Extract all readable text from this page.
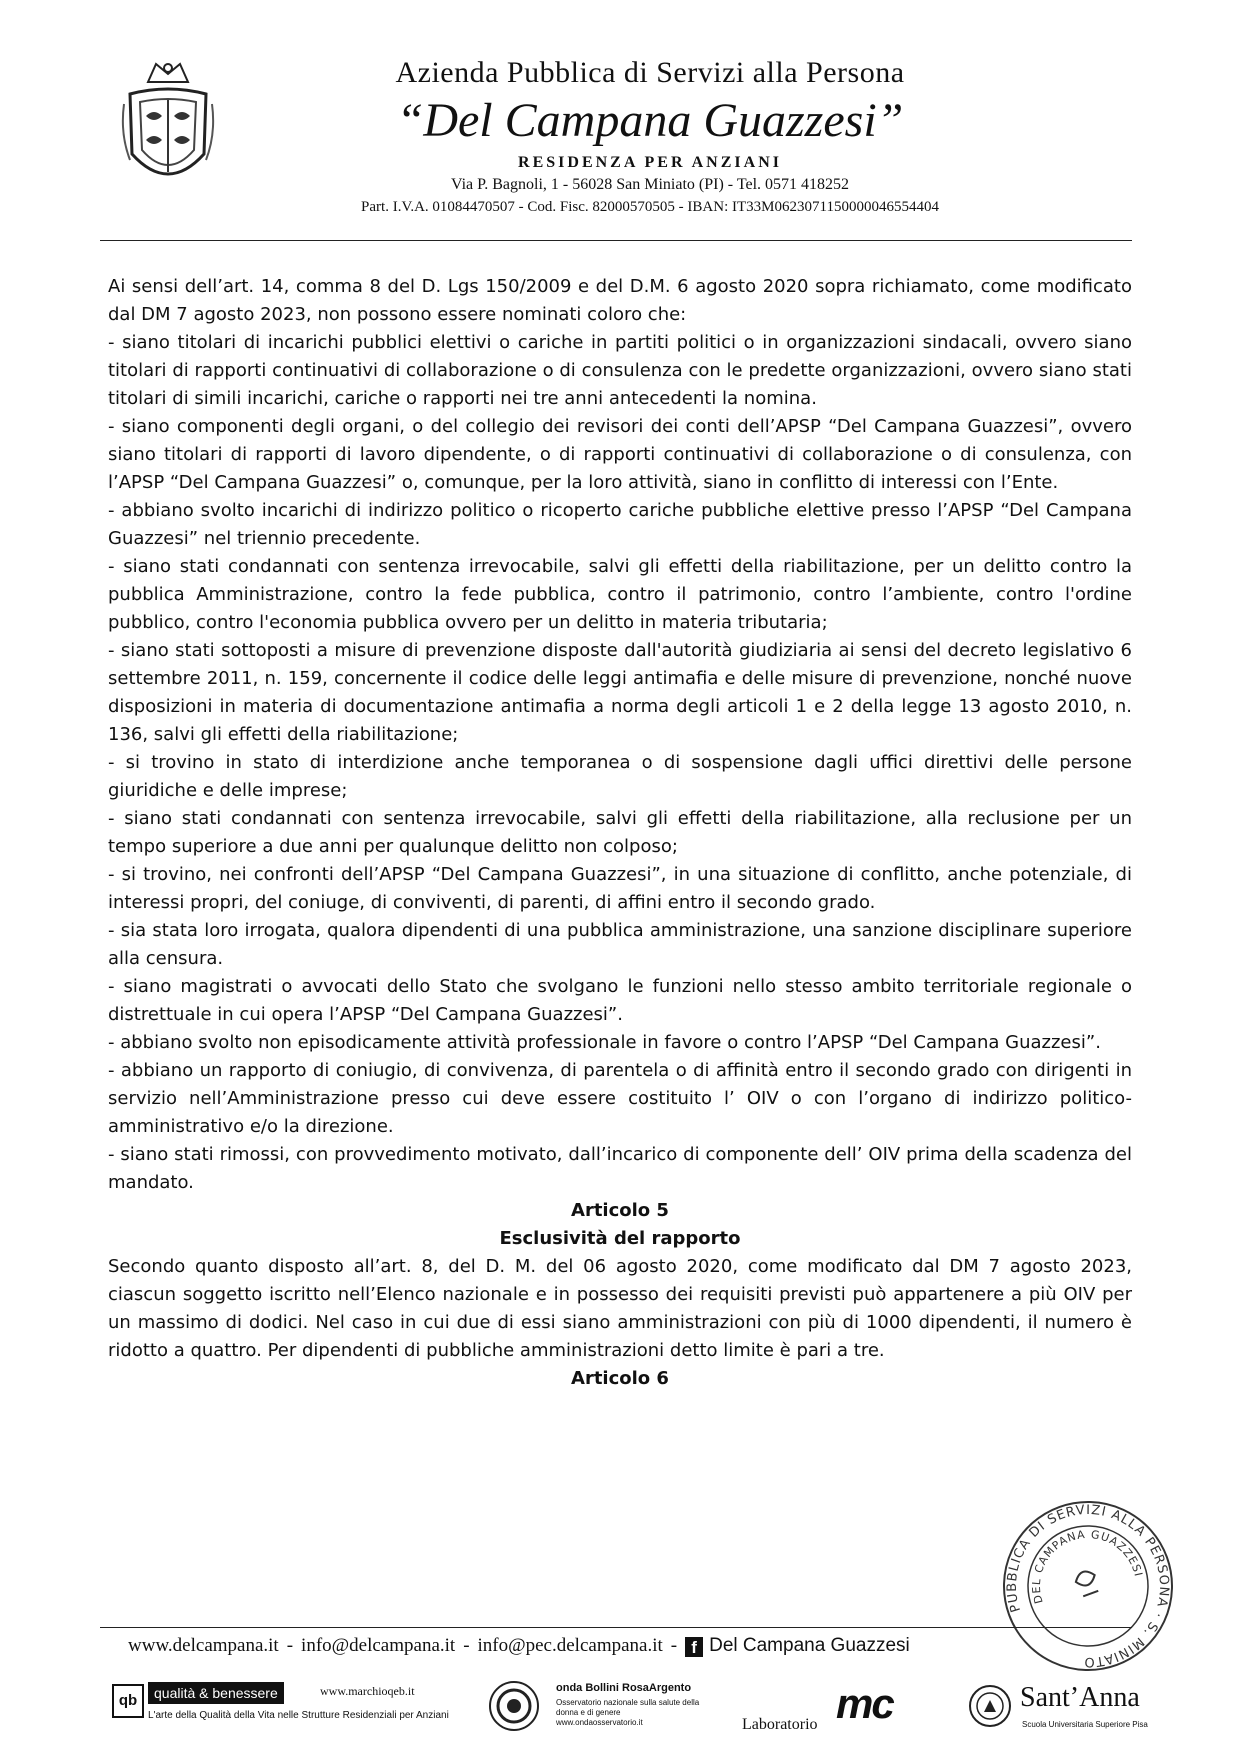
Azienda Pubblica di Servizi alla Persona
“Del Campana Guazzesi”
RESIDENZA PER ANZIANI
Via P. Bagnoli, 1 - 56028 San Miniato (PI) - Tel. 0571 418252
Part. I.V.A. 01084470507 - Cod. Fisc. 82000570505 - IBAN: IT33M0623071150000046554404

Ai sensi dell’art. 14, comma 8 del D. Lgs 150/2009 e del D.M. 6 agosto 2020 sopra richiamato, come modificato dal DM 7 agosto 2023, non possono essere nominati coloro che:

- siano titolari di incarichi pubblici elettivi o cariche in partiti politici o in organizzazioni sindacali, ovvero siano titolari di rapporti continuativi di collaborazione o di consulenza con le predette organizzazioni, ovvero siano stati titolari di simili incarichi, cariche o rapporti nei tre anni antecedenti la nomina.

- siano componenti degli organi, o del collegio dei revisori dei conti dell’APSP “Del Campana Guazzesi”, ovvero siano titolari di rapporti di lavoro dipendente, o di rapporti continuativi di collaborazione o di consulenza, con l’APSP “Del Campana Guazzesi” o, comunque, per la loro attività, siano in conflitto di interessi con l’Ente.

- abbiano svolto incarichi di indirizzo politico o ricoperto cariche pubbliche elettive presso l’APSP “Del Campana Guazzesi” nel triennio precedente.

- siano stati condannati con sentenza irrevocabile, salvi gli effetti della riabilitazione, per un delitto contro la pubblica Amministrazione, contro la fede pubblica, contro il patrimonio, contro l’ambiente, contro l'ordine pubblico, contro l'economia pubblica ovvero per un delitto in materia tributaria;

- siano stati sottoposti a misure di prevenzione disposte dall'autorità giudiziaria ai sensi del decreto legislativo 6 settembre 2011, n. 159, concernente il codice delle leggi antimafia e delle misure di prevenzione, nonché nuove disposizioni in materia di documentazione antimafia a norma degli articoli 1 e 2 della legge 13 agosto 2010, n. 136, salvi gli effetti della riabilitazione;

- si trovino in stato di interdizione anche temporanea o di sospensione dagli uffici direttivi delle persone giuridiche e delle imprese;

- siano stati condannati con sentenza irrevocabile, salvi gli effetti della riabilitazione, alla reclusione per un tempo superiore a due anni per qualunque delitto non colposo;

- si trovino, nei confronti dell’APSP “Del Campana Guazzesi”, in una situazione di conflitto, anche potenziale, di interessi propri, del coniuge, di conviventi, di parenti, di affini entro il secondo grado.

- sia stata loro irrogata, qualora dipendenti di una pubblica amministrazione, una sanzione disciplinare superiore alla censura.

- siano magistrati o avvocati dello Stato che svolgano le funzioni nello stesso ambito territoriale regionale o distrettuale in cui opera l’APSP “Del Campana Guazzesi”.

- abbiano svolto non episodicamente attività professionale in favore o contro l’APSP “Del Campana Guazzesi”.

- abbiano un rapporto di coniugio, di convivenza, di parentela o di affinità entro il secondo grado con dirigenti in servizio nell’Amministrazione presso cui deve essere costituito l’ OIV o con l’organo di indirizzo politico-amministrativo e/o la direzione.

- siano stati rimossi, con provvedimento motivato, dall’incarico di componente dell’ OIV prima della scadenza del mandato.

Articolo 5

Esclusività del rapporto

Secondo quanto disposto all’art. 8, del D. M. del 06 agosto 2020, come modificato dal DM 7 agosto 2023, ciascun soggetto iscritto nell’Elenco nazionale e in possesso dei requisiti previsti può appartenere a più OIV per un massimo di dodici. Nel caso in cui due di essi siano amministrazioni con più di 1000 dipendenti, il numero è ridotto a quattro. Per dipendenti di pubbliche amministrazioni detto limite è pari a tre.

Articolo 6

PUBBLICA DI SERVIZI ALLA PERSONA · S. MINIATO
DEL CAMPANA GUAZZESI
www.delcampana.it - info@delcampana.it - info@pec.delcampana.it - f Del Campana Guazzesi
qb	qualità & benessere	www.marchioqeb.it
L'arte della Qualità della Vita nelle Strutture Residenziali per Anziani
onda Bollini RosaArgento
Osservatorio nazionale sulla salute della donna e di genere www.ondaosservatorio.it	Laboratorio mc	Sant’Anna
Scuola Universitaria Superiore Pisa
